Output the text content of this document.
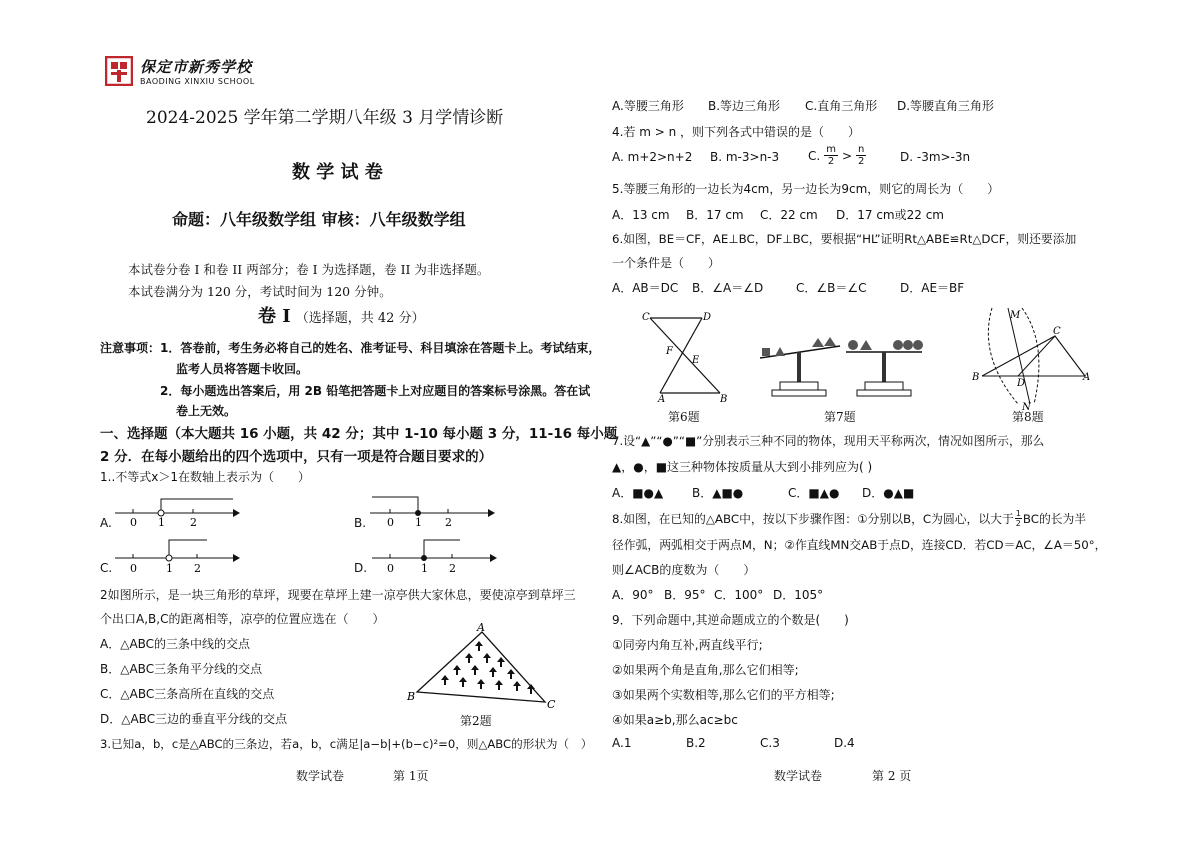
保定市新秀学校
BAODING XINXIU SCHOOL
2024-2025 学年第二学期八年级 3 月学情诊断
数 学 试 卷
命题：八年级数学组 审核：八年级数学组
本试卷分卷 I 和卷 II 两部分；卷 I 为选择题，卷 II 为非选择题。
本试卷满分为 120 分，考试时间为 120 分钟。
卷 I （选择题，共 42 分）
注意事项： 1．答卷前，考生务必将自己的姓名、准考证号、科目填涂在答题卡上。考试结束，
监考人员将答题卡收回。
2．每小题选出答案后，用 2B 铅笔把答题卡上对应题目的答案标号涂黑。答在试
卷上无效。
一、选择题（本大题共 16 小题，共 42 分；其中 1-10 每小题 3 分，11-16 每小题
2 分．在每小题给出的四个选项中，只有一项是符合题目要求的）
1..不等式x＞1在数轴上表示为（　　）
A. 0 1 2	B. 0 1 2
C. 0	1 2	D. 0 1 2
2如图所示，是一块三角形的草坪，现要在草坪上建一凉亭供大家休息，要使凉亭到草坪三
个出口A,B,C的距离相等，凉亭的位置应选在（　　）
A．△ABC的三条中线的交点
B．△ABC三条角平分线的交点
C．△ABC三条高所在直线的交点
D．△ABC三边的垂直平分线的交点
A
B
C
第2题
3.已知a，b，c是△ABC的三条边，若a，b，c满足|a−b|+(b−c)²=0，则△ABC的形状为（　）
数学试卷	第 1页
A.等腰三角形 B.等边三角形 C.直角三角形 D.等腰直角三角形
4.若 m > n ，则下列各式中错误的是（　　）
A. m+2>n+2 B. m-3>n-3 C. $\frac{m}{2} > \frac{n}{2}$	D. -3m>-3n
5.等腰三角形的一边长为4cm，另一边长为9cm，则它的周长为（　　）
A．13 cm B．17 cm C．22 cm D．17 cm或22 cm
6.如图，BE＝CF，AE⊥BC，DF⊥BC，要根据“HL”证明Rt△ABE≌Rt△DCF，则还要添加
一个条件是（　　）
A．AB＝DC B．∠A＝∠D	C．∠B＝∠C	D．AE＝BF
C	D
F
E
A	B
M
C
B
D
A
N
第6题	第7题	第8题
7.设“▲”“●”“■”分别表示三种不同的物体，现用天平称两次，情况如图所示，那么
▲，●，■这三种物体按质量从大到小排列应为( )
A．■●▲ B．▲■●	C．■▲● D．●▲■
8.如图，在已知的△ABC中，按以下步骤作图：①分别以B，C为圆心，以大于 $\frac{1}{2}$ BC的长为半
径作弧，两弧相交于两点M，N；②作直线MN交AB于点D，连接CD．若CD＝AC，∠A＝50°，
则∠ACB的度数为（　　）
A．90° B．95° C．100° D．105°
9．下列命题中,其逆命题成立的个数是(　　)
①同旁内角互补,两直线平行;
②如果两个角是直角,那么它们相等;
③如果两个实数相等,那么它们的平方相等;
④如果a≥b,那么ac≥bc
A.1	B.2	C.3	D.4
数学试卷	第 2 页
